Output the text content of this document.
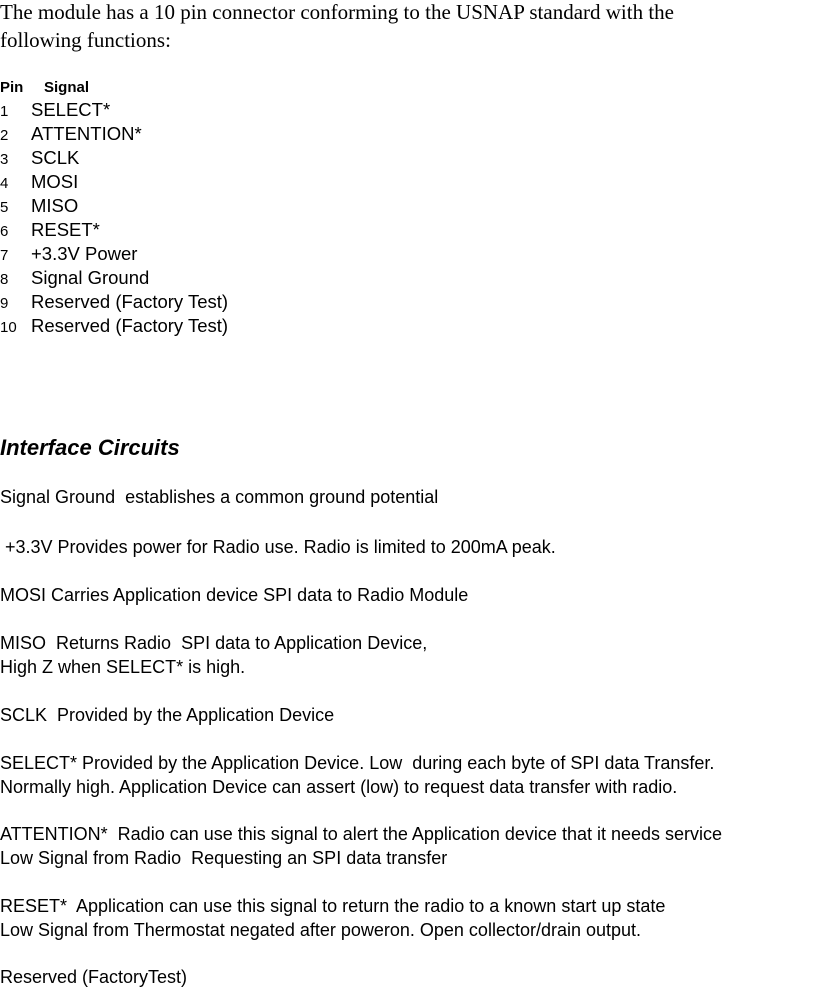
The module has a 10 pin connector conforming to the USNAP standard with the
following functions:

Pin	Signal
1	SELECT*
2	ATTENTION*
3	SCLK
4	MOSI
5	MISO
6	RESET*
7	+3.3V Power
8	Signal Ground
9	Reserved (Factory Test)
10 Reserved (Factory Test)
Interface Circuits

Signal Ground  establishes a common ground potential

+3.3V Provides power for Radio use. Radio is limited to 200mA peak.

MOSI Carries Application device SPI data to Radio Module

MISO  Returns Radio  SPI data to Application Device,
High Z when SELECT* is high.

SCLK  Provided by the Application Device

SELECT* Provided by the Application Device. Low  during each byte of SPI data Transfer.
Normally high. Application Device can assert (low) to request data transfer with radio.

ATTENTION*  Radio can use this signal to alert the Application device that it needs service
Low Signal from Radio  Requesting an SPI data transfer

RESET*  Application can use this signal to return the radio to a known start up state
Low Signal from Thermostat negated after poweron. Open collector/drain output.

Reserved (FactoryTest)
